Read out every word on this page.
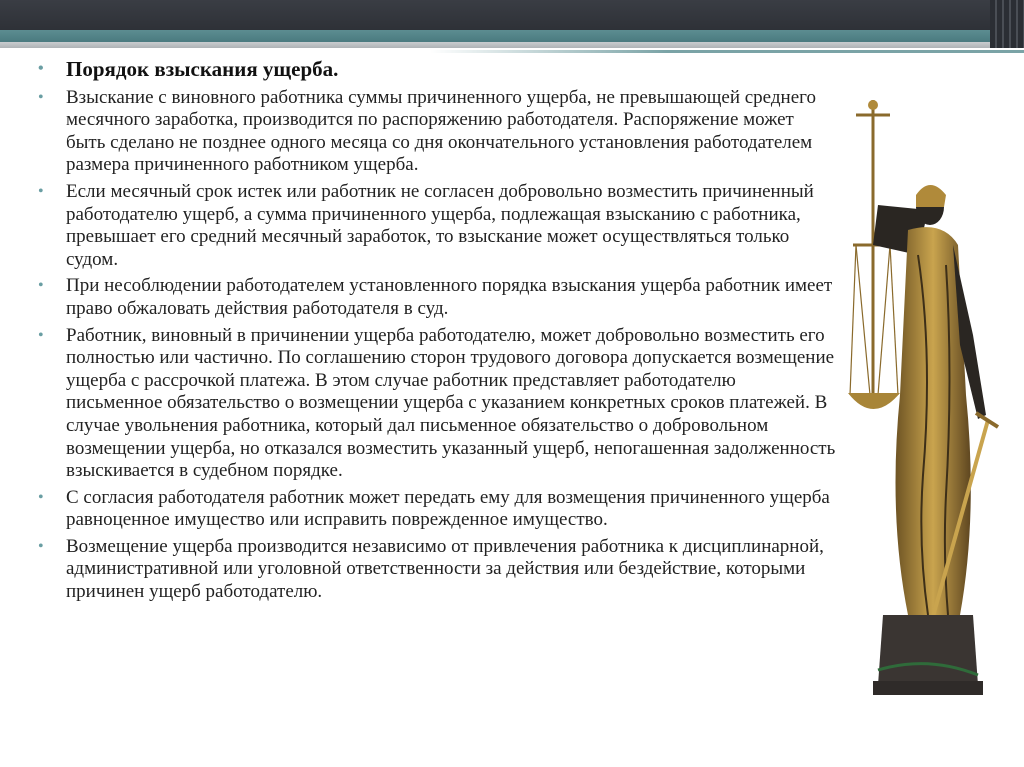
• Порядок взыскания ущерба.
• Взыскание с виновного работника суммы причиненного ущерба, не превышающей среднего месячного заработка, производится по распоряжению работодателя. Распоряжение может быть сделано не позднее одного месяца со дня окончательного установления работодателем размера причиненного работником ущерба.
• Если месячный срок истек или работник не согласен добровольно возместить причиненный работодателю ущерб, а сумма причиненного ущерба, подлежащая взысканию с работника, превышает его средний месячный заработок, то взыскание может осуществляться только судом.
• При несоблюдении работодателем установленного порядка взыскания ущерба работник имеет право обжаловать действия работодателя в суд.
• Работник, виновный в причинении ущерба работодателю, может добровольно возместить его полностью или частично. По соглашению сторон трудового договора допускается возмещение ущерба с рассрочкой платежа. В этом случае работник представляет работодателю письменное обязательство о возмещении ущерба с указанием конкретных сроков платежей. В случае увольнения работника, который дал письменное обязательство о добровольном возмещении ущерба, но отказался возместить указанный ущерб, непогашенная задолженность взыскивается в судебном порядке.
• С согласия работодателя работник может передать ему для возмещения причиненного ущерба равноценное имущество или исправить поврежденное имущество.
• Возмещение ущерба производится независимо от привлечения работника к дисциплинарной, административной или уголовной ответственности за действия или бездействие, которыми причинен ущерб работодателю.
